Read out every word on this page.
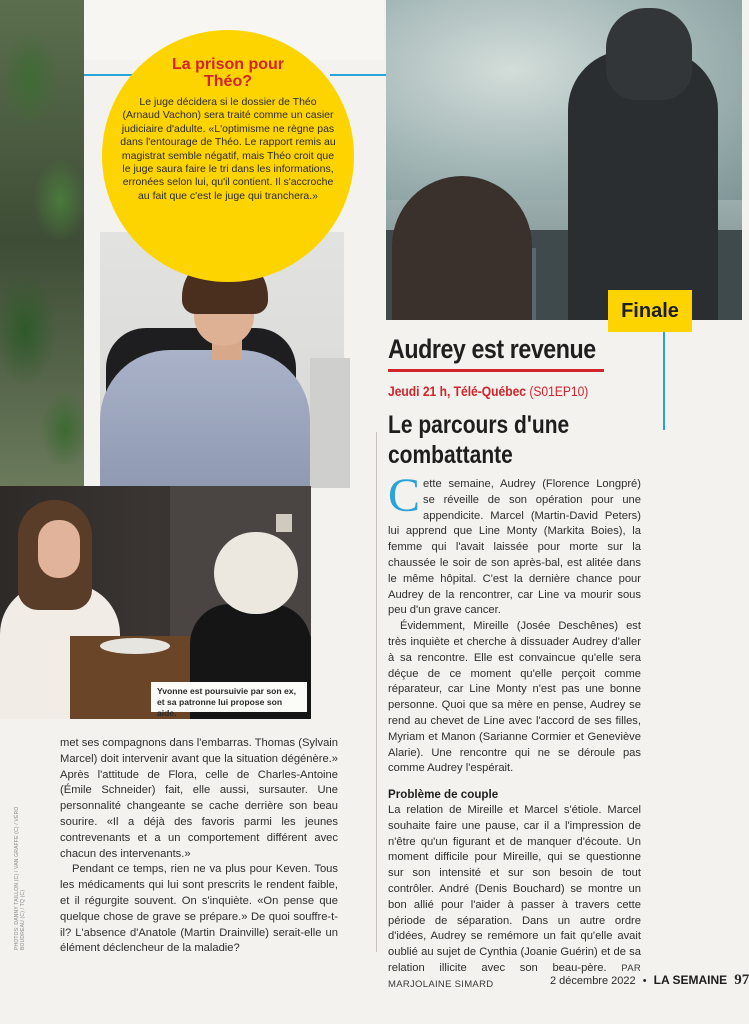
La prison pour Théo?

Le juge décidera si le dossier de Théo (Arnaud Vachon) sera traité comme un casier judiciaire d'adulte. «L'optimisme ne règne pas dans l'entourage de Théo. Le rapport remis au magistrat semble négatif, mais Théo croit que le juge saura faire le tri dans les informations, erronées selon lui, qu'il contient. Il s'accroche au fait que c'est le juge qui tranchera.»

Yvonne est poursuivie par son ex, et sa patronne lui propose son aide.
PHOTOS: DANNY TAILLON (C) / VAN GRAFFE (C) / VÉRO BOUDREAU (C) / TQ (C)

met ses compagnons dans l'embarras. Thomas (Sylvain Marcel) doit intervenir avant que la situation dégénère.» Après l'attitude de Flora, celle de Charles-Antoine (Émile Schneider) fait, elle aussi, sursauter. Une personnalité changeante se cache derrière son beau sourire. «Il a déjà des favoris parmi les jeunes contrevenants et a un comportement différent avec chacun des intervenants.»

Pendant ce temps, rien ne va plus pour Keven. Tous les médicaments qui lui sont prescrits le rendent faible, et il régurgite souvent. On s'inquiète. «On pense que quelque chose de grave se prépare.» De quoi souffre-t-il? L'absence d'Anatole (Martin Drainville) serait-elle un élément déclencheur de la maladie?

Finale
Audrey est revenue
Jeudi 21 h, Télé-Québec (S01EP10)
Le parcours d'une combattante

Cette semaine, Audrey (Florence Longpré) se réveille de son opération pour une appendicite. Marcel (Martin-David Peters) lui apprend que Line Monty (Markita Boies), la femme qui l'avait laissée pour morte sur la chaussée le soir de son après-bal, est alitée dans le même hôpital. C'est la dernière chance pour Audrey de la rencontrer, car Line va mourir sous peu d'un grave cancer.

Évidemment, Mireille (Josée Deschênes) est très inquiète et cherche à dissuader Audrey d'aller à sa rencontre. Elle est convaincue qu'elle sera déçue de ce moment qu'elle perçoit comme réparateur, car Line Monty n'est pas une bonne personne. Quoi que sa mère en pense, Audrey se rend au chevet de Line avec l'accord de ses filles, Myriam et Manon (Sarianne Cormier et Geneviève Alarie). Une rencontre qui ne se déroule pas comme Audrey l'espérait.

Problème de couple

La relation de Mireille et Marcel s'étiole. Marcel souhaite faire une pause, car il a l'impression de n'être qu'un figurant et de manquer d'écoute. Un moment difficile pour Mireille, qui se questionne sur son intensité et sur son besoin de tout contrôler. André (Denis Bouchard) se montre un bon allié pour l'aider à passer à travers cette période de séparation. Dans un autre ordre d'idées, Audrey se remémore un fait qu'elle avait oublié au sujet de Cynthia (Joanie Guérin) et de sa relation illicite avec son beau-père. PAR MARJOLAINE SIMARD	2 décembre 2022 • LA SEMAINE 97
